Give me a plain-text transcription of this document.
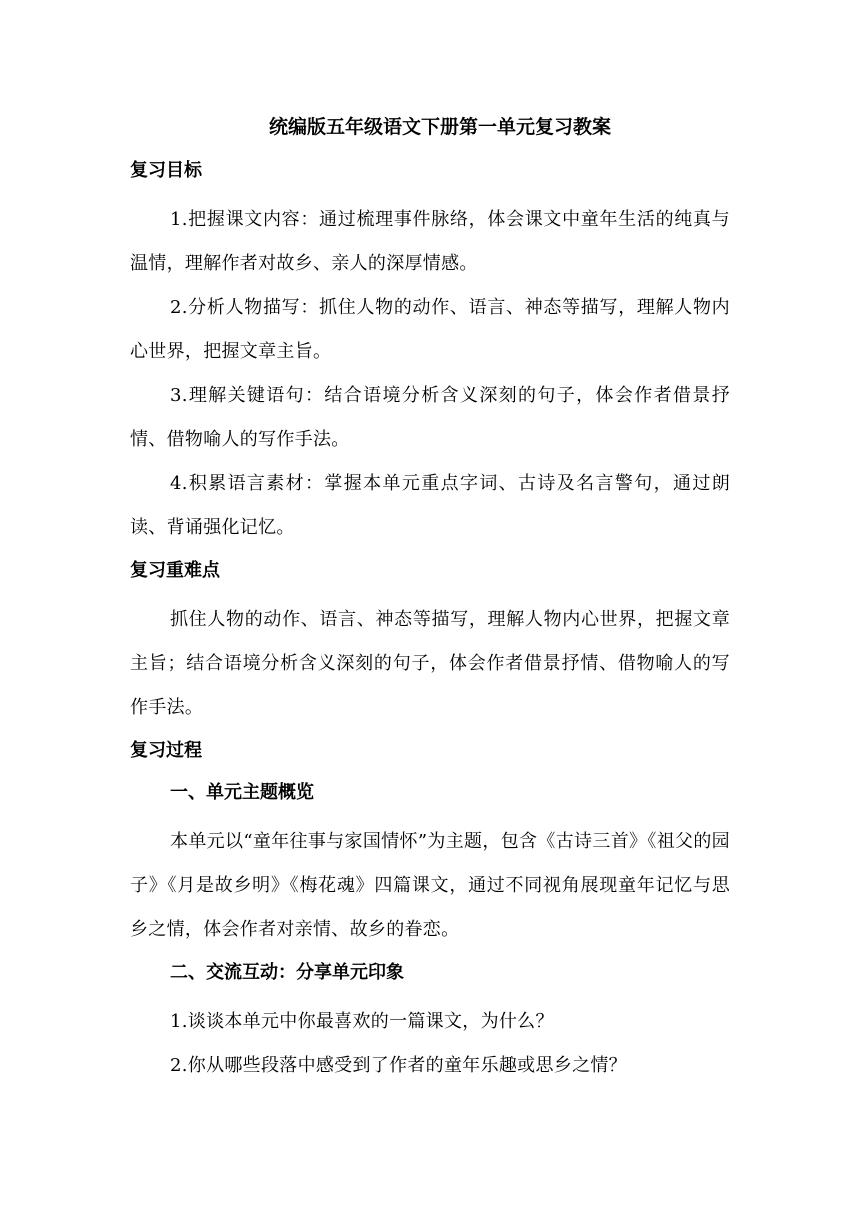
统编版五年级语文下册第一单元复习教案
复习目标

1.把握课文内容：通过梳理事件脉络，体会课文中童年生活的纯真与温情，理解作者对故乡、亲人的深厚情感。

2.分析人物描写：抓住人物的动作、语言、神态等描写，理解人物内心世界，把握文章主旨。

3.理解关键语句：结合语境分析含义深刻的句子，体会作者借景抒情、借物喻人的写作手法。

4.积累语言素材：掌握本单元重点字词、古诗及名言警句，通过朗读、背诵强化记忆。

复习重难点

抓住人物的动作、语言、神态等描写，理解人物内心世界，把握文章主旨；结合语境分析含义深刻的句子，体会作者借景抒情、借物喻人的写作手法。

复习过程
一、单元主题概览

本单元以“童年往事与家国情怀”为主题，包含《古诗三首》《祖父的园子》《月是故乡明》《梅花魂》四篇课文，通过不同视角展现童年记忆与思乡之情，体会作者对亲情、故乡的眷恋。

二、交流互动：分享单元印象

1.谈谈本单元中你最喜欢的一篇课文，为什么？

2.你从哪些段落中感受到了作者的童年乐趣或思乡之情？
